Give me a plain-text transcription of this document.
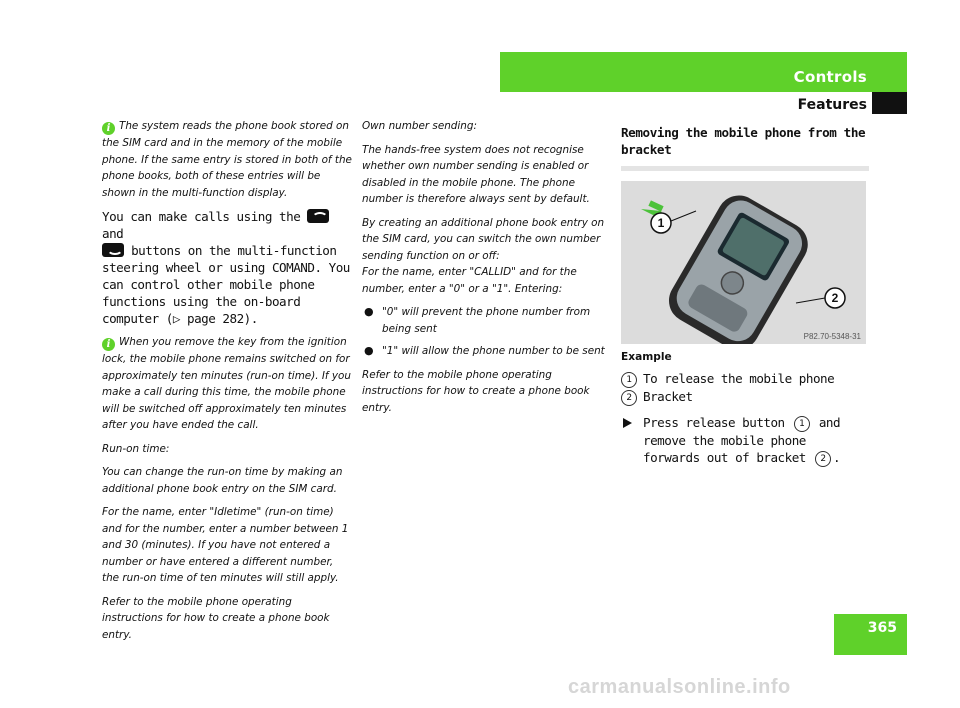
Controls
Features

i The system reads the phone book stored on the SIM card and in the memory of the mobile phone. If the same entry is stored in both of the phone books, both of these entries will be shown in the multi-function display.

You can make calls using the  and
buttons on the multi-function steering wheel or using COMAND. You can control other mobile phone functions using the on-board computer (▷ page 282).

i When you remove the key from the ignition lock, the mobile phone remains switched on for approximately ten minutes (run-on time). If you make a call during this time, the mobile phone will be switched off approximately ten minutes after you have ended the call.

Run-on time:

You can change the run-on time by making an additional phone book entry on the SIM card.

For the name, enter "Idletime" (run-on time) and for the number, enter a number between 1 and 30 (minutes). If you have not entered a number or have entered a different number, the run-on time of ten minutes will still apply.

Refer to the mobile phone operating instructions for how to create a phone book entry.

Own number sending:

The hands-free system does not recognise whether own number sending is enabled or disabled in the mobile phone. The phone number is therefore always sent by default.

By creating an additional phone book entry on the SIM card, you can switch the own number sending function on or off:
For the name, enter "CALLID" and for the number, enter a "0" or a "1". Entering:

● "0" will prevent the phone number from being sent
● "1" will allow the phone number to be sent

Refer to the mobile phone operating instructions for how to create a phone book entry.

Removing the mobile phone from the bracket
1
2
P82.70-5348-31
Example
1 To release the mobile phone
2 Bracket
Press release button 1 and remove the mobile phone forwards out of bracket 2 .
365
carmanualsonline.info
